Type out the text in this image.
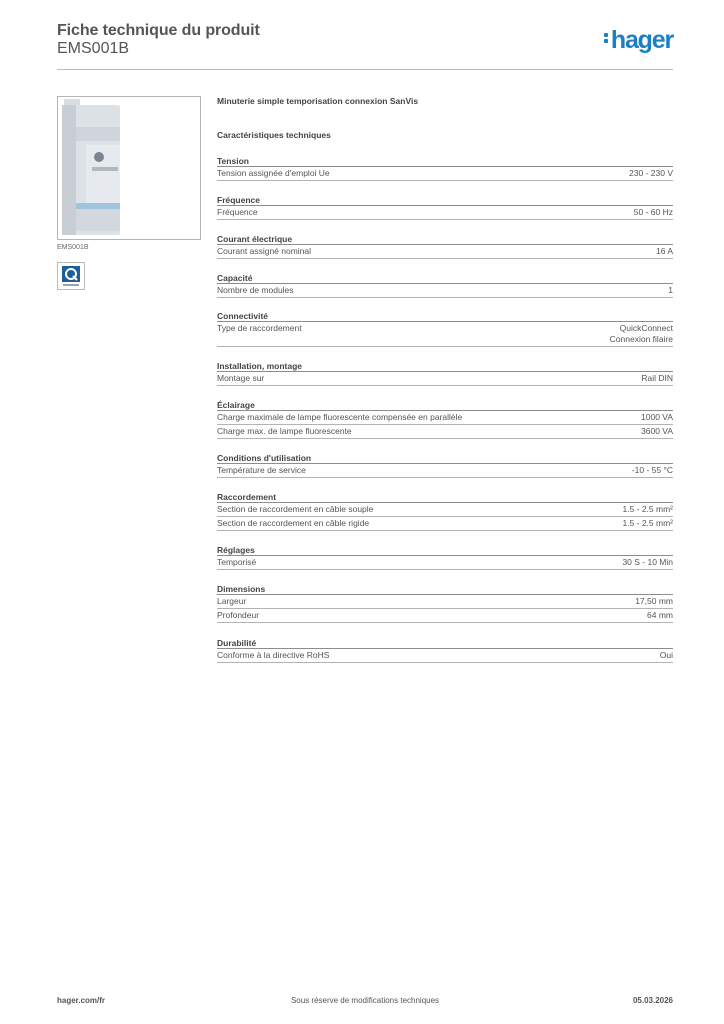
Fiche technique du produit
EMS001B	hager
EMS001B
Minuterie simple temporisation connexion SanVis
Caractéristiques techniques
Tension
Tension assignée d'emploi Ue	230 - 230 V
Fréquence
Fréquence	50 - 60 Hz
Courant électrique
Courant assigné nominal	16 A
Capacité
Nombre de modules	1
Connectivité
Type de raccordement	QuickConnect
Connexion filaire
Installation, montage
Montage sur	Rail DIN
Éclairage
Charge maximale de lampe fluorescente compensée en parallèle	1000 VA
Charge max. de lampe fluorescente	3600 VA
Conditions d'utilisation
Température de service	-10 - 55 °C
Raccordement
Section de raccordement en câble souple	1.5 - 2.5 mm²
Section de raccordement en câble rigide	1.5 - 2.5 mm²
Réglages
Temporisé	30 S - 10 Min
Dimensions
Largeur	17,50 mm
Profondeur	64 mm
Durabilité
Conforme à la directive RoHS	Oui
Sous réserve de modifications techniques
hager.com/fr	05.03.2026
